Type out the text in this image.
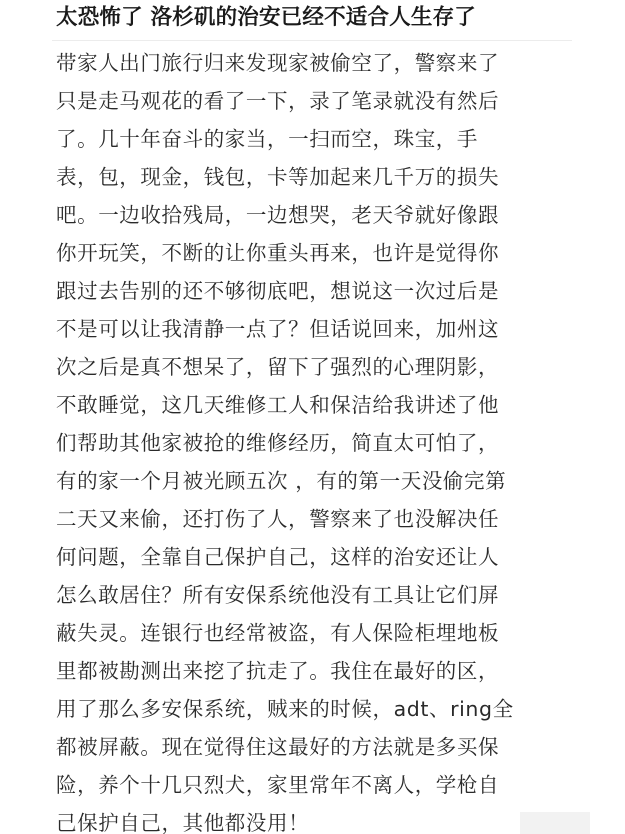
太恐怖了 洛杉矶的治安已经不适合人生存了
带家人出门旅行归来发现家被偷空了，警察来了
只是走马观花的看了一下，录了笔录就没有然后
了。几十年奋斗的家当，一扫而空，珠宝，手
表，包，现金，钱包，卡等加起来几千万的损失
吧。一边收拾残局，一边想哭，老天爷就好像跟
你开玩笑，不断的让你重头再来，也许是觉得你
跟过去告别的还不够彻底吧，想说这一次过后是
不是可以让我清静一点了？但话说回来，加州这
次之后是真不想呆了，留下了强烈的心理阴影，
不敢睡觉，这几天维修工人和保洁给我讲述了他
们帮助其他家被抢的维修经历，简直太可怕了，
有的家一个月被光顾五次 ，有的第一天没偷完第
二天又来偷，还打伤了人，警察来了也没解决任
何问题，全靠自己保护自己，这样的治安还让人
怎么敢居住？所有安保系统他没有工具让它们屏
蔽失灵。连银行也经常被盗，有人保险柜埋地板
里都被勘测出来挖了抗走了。我住在最好的区，
用了那么多安保系统，贼来的时候，adt、ring全
都被屏蔽。现在觉得住这最好的方法就是多买保
险，养个十几只烈犬，家里常年不离人，学枪自
己保护自己，其他都没用！
